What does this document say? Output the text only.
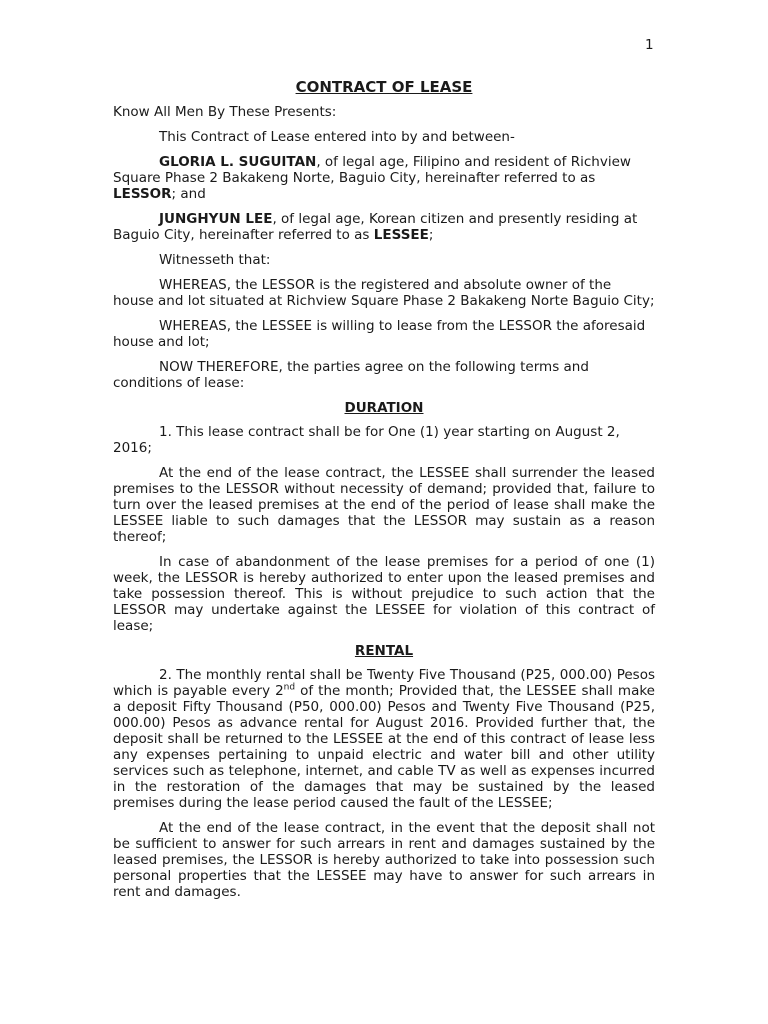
1
CONTRACT OF LEASE

Know All Men By These Presents:

This Contract of Lease entered into by and between-

GLORIA L. SUGUITAN, of legal age, Filipino and resident of Richview Square Phase 2 Bakakeng Norte, Baguio City, hereinafter referred to as LESSOR; and

JUNGHYUN LEE, of legal age, Korean citizen and presently residing at Baguio City, hereinafter referred to as LESSEE;

Witnesseth that:

WHEREAS, the LESSOR is the registered and absolute owner of the house and lot situated at Richview Square Phase 2 Bakakeng Norte Baguio City;

WHEREAS, the LESSEE is willing to lease from the LESSOR the aforesaid house and lot;

NOW THEREFORE, the parties agree on the following terms and conditions of lease:

DURATION

1. This lease contract shall be for One (1) year starting on August 2, 2016;

At the end of the lease contract, the LESSEE shall surrender the leased premises to the LESSOR without necessity of demand; provided that, failure to turn over the leased premises at the end of the period of lease shall make the LESSEE liable to such damages that the LESSOR may sustain as a reason thereof;

In case of abandonment of the lease premises for a period of one (1) week, the LESSOR is hereby authorized to enter upon the leased premises and take possession thereof. This is without prejudice to such action that the LESSOR may undertake against the LESSEE for violation of this contract of lease;

RENTAL

2. The monthly rental shall be Twenty Five Thousand (P25, 000.00) Pesos which is payable every 2nd of the month; Provided that, the LESSEE shall make a deposit Fifty Thousand (P50, 000.00) Pesos and Twenty Five Thousand (P25, 000.00) Pesos as advance rental for August 2016. Provided further that, the deposit shall be returned to the LESSEE at the end of this contract of lease less any expenses pertaining to unpaid electric and water bill and other utility services such as telephone, internet, and cable TV as well as expenses incurred in the restoration of the damages that may be sustained by the leased premises during the lease period caused the fault of the LESSEE;

At the end of the lease contract, in the event that the deposit shall not be sufficient to answer for such arrears in rent and damages sustained by the leased premises, the LESSOR is hereby authorized to take into possession such personal properties that the LESSEE may have to answer for such arrears in rent and damages.
